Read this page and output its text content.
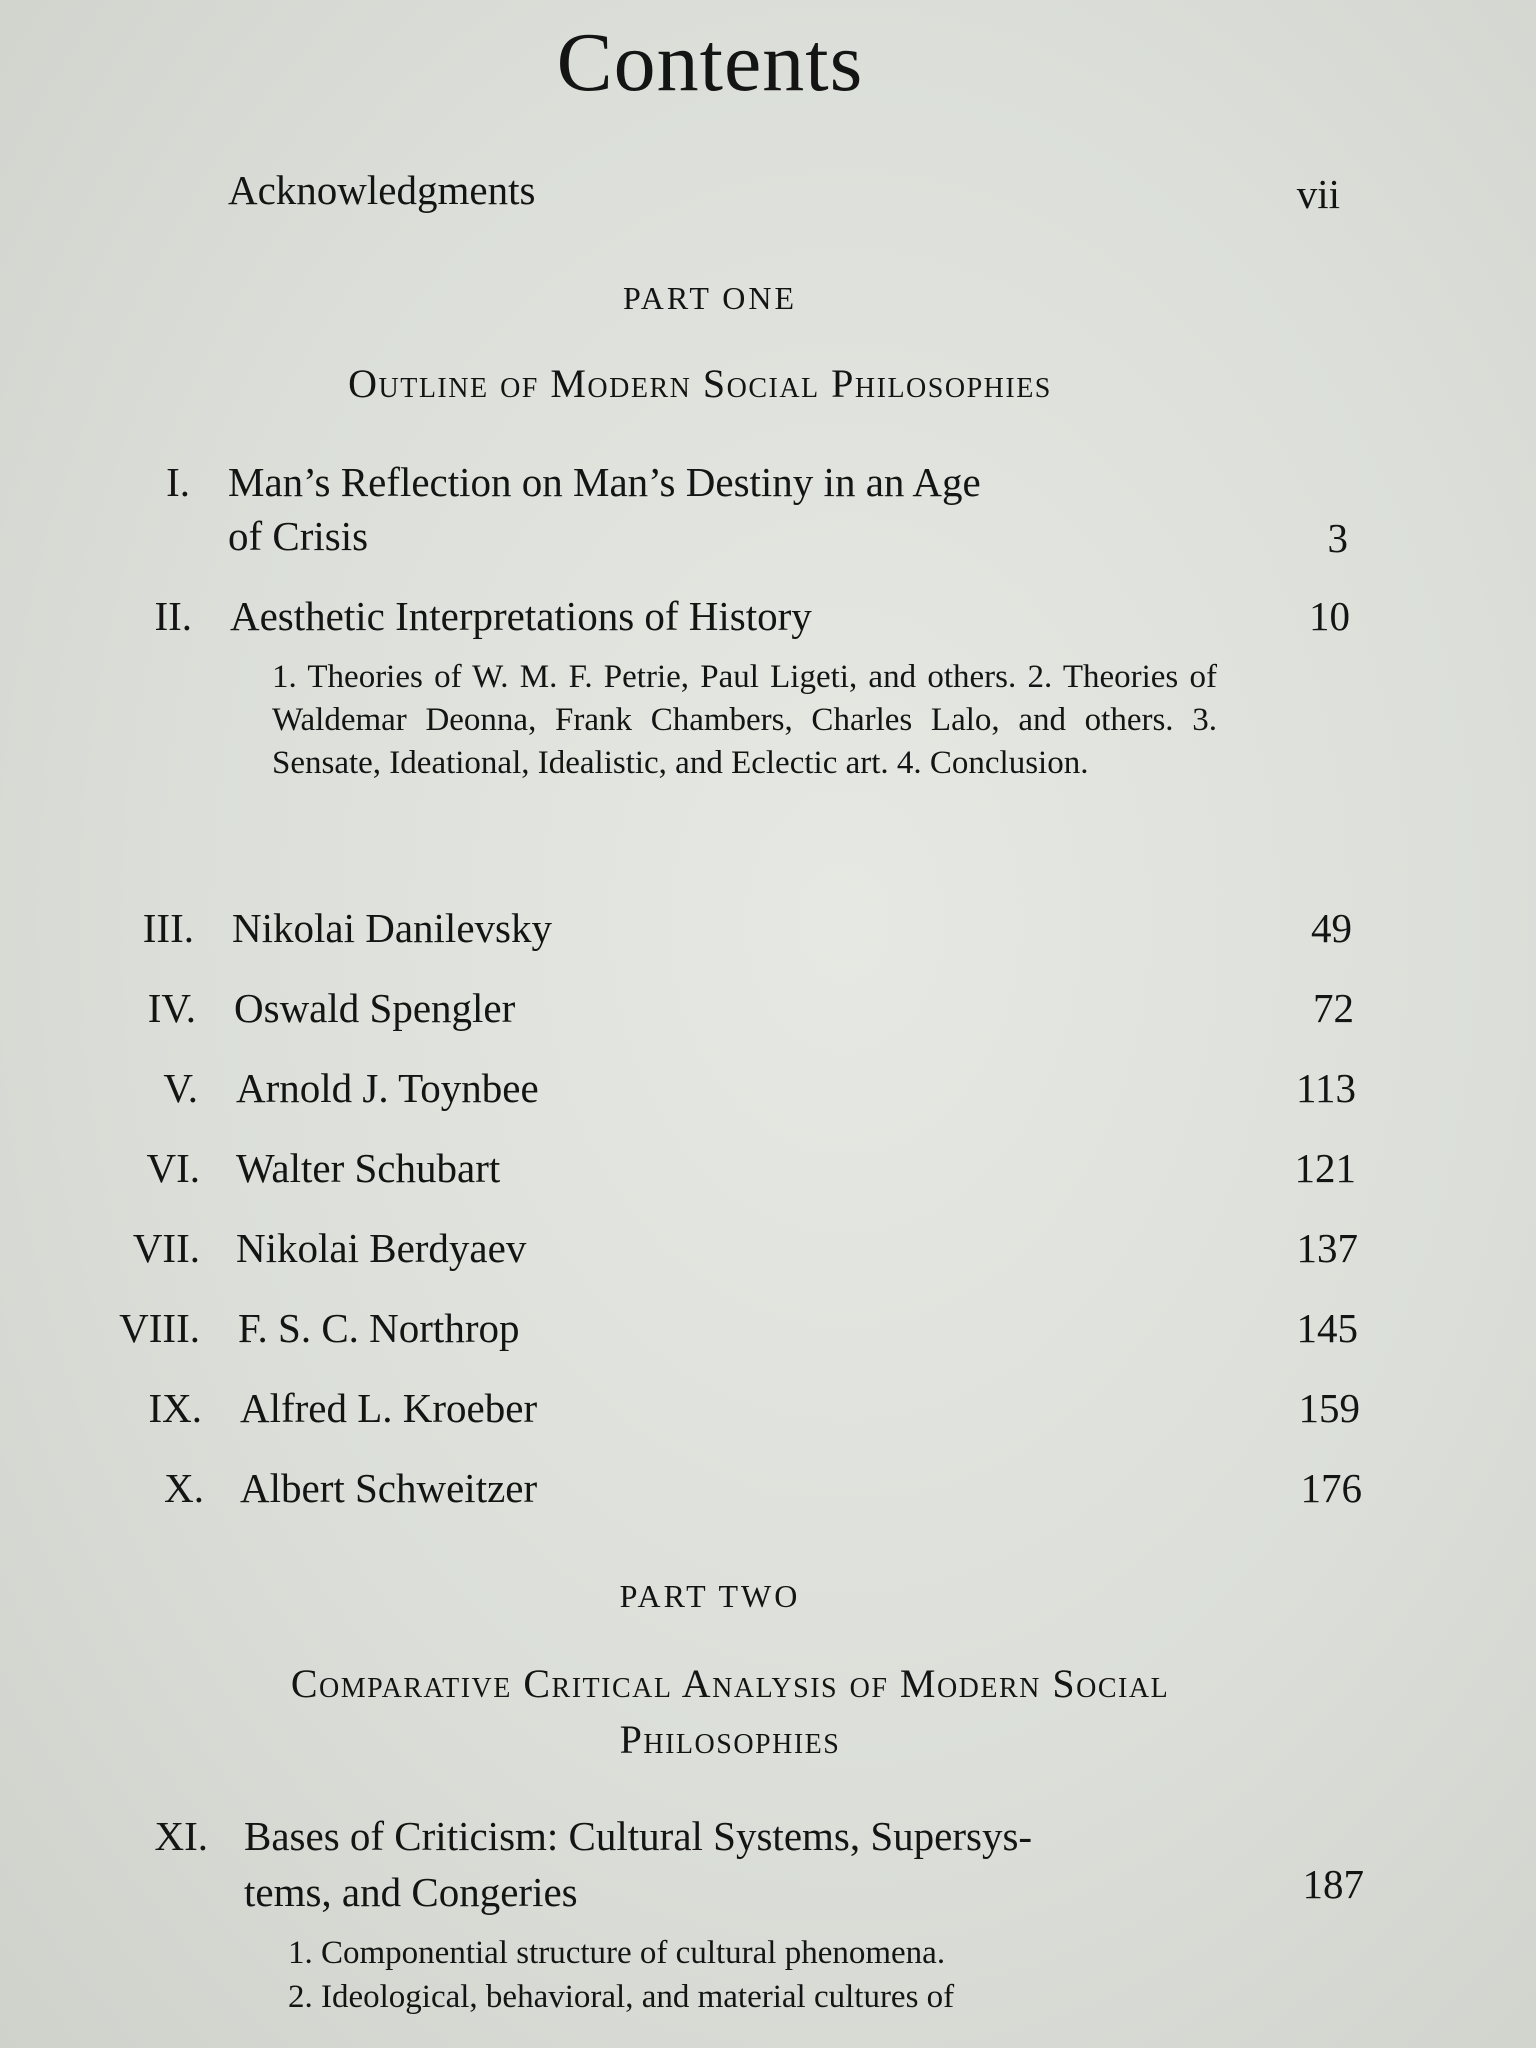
Contents
Acknowledgments	vii
PART ONE
Outline of Modern Social Philosophies
I. Man’s Reflection on Man’s Destiny in an Age
of Crisis	3
II. Aesthetic Interpretations of History	10
1. Theories of W. M. F. Petrie, Paul Ligeti, and others. 2. Theories of Waldemar Deonna, Frank Chambers, Charles Lalo, and others. 3. Sensate, Ideational, Idealistic, and Eclectic art. 4. Conclusion.
III. Nikolai Danilevsky	49
IV. Oswald Spengler	72
V. Arnold J. Toynbee	113
VI. Walter Schubart	121
VII. Nikolai Berdyaev	137
VIII. F. S. C. Northrop	145
IX. Alfred L. Kroeber	159
X. Albert Schweitzer	176
PART TWO
Comparative Critical Analysis of Modern Social
Philosophies
XI. Bases of Criticism: Cultural Systems, Supersys-
tems, and Congeries	187
1. Componential structure of cultural phenomena.
2. Ideological, behavioral, and material cultures of
